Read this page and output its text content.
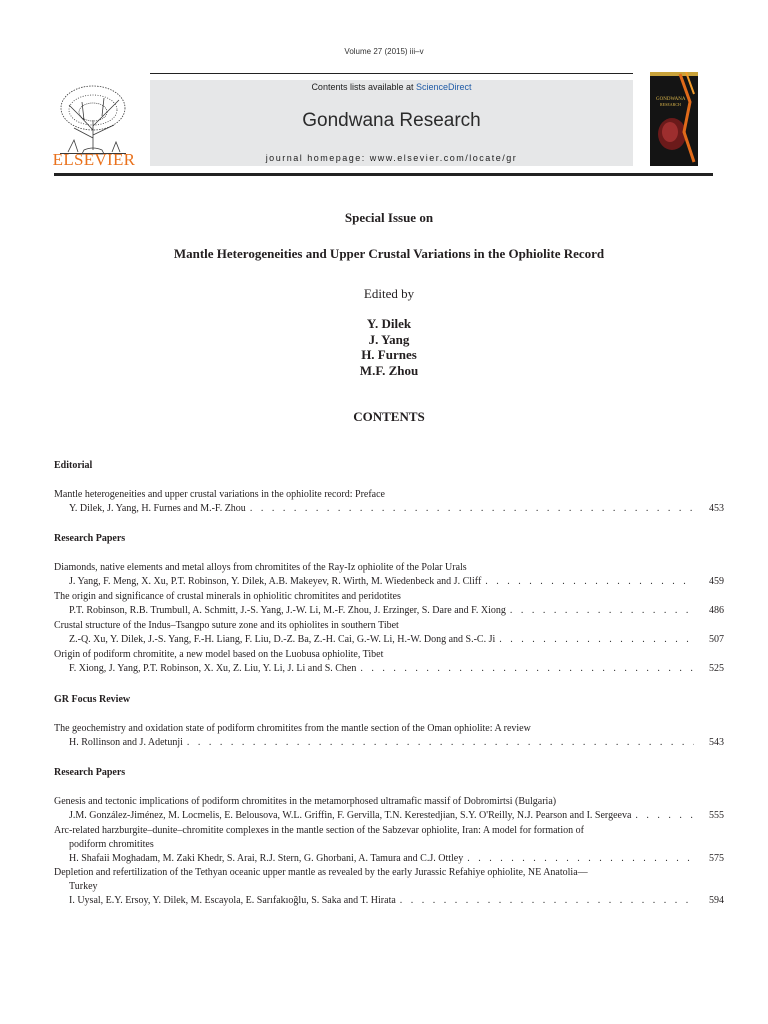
Volume 27 (2015) iii–v
ELSEVIER
Contents lists available at ScienceDirect
Gondwana Research
journal homepage: www.elsevier.com/locate/gr
GONDWANA
RESEARCH
Special Issue on
Mantle Heterogeneities and Upper Crustal Variations in the Ophiolite Record
Edited by
Y. Dilek
J. Yang
H. Furnes
M.F. Zhou
CONTENTS
Editorial
Mantle heterogeneities and upper crustal variations in the ophiolite record: Preface
Y. Dilek, J. Yang, H. Furnes and M.-F. Zhou . . .	453
Research Papers
Diamonds, native elements and metal alloys from chromitites of the Ray-Iz ophiolite of the Polar Urals
J. Yang, F. Meng, X. Xu, P.T. Robinson, Y. Dilek, A.B. Makeyev, R. Wirth, M. Wiedenbeck and J. Cliff . . .	459
The origin and significance of crustal minerals in ophiolitic chromitites and peridotites
P.T. Robinson, R.B. Trumbull, A. Schmitt, J.-S. Yang, J.-W. Li, M.-F. Zhou, J. Erzinger, S. Dare and F. Xiong . . .	486
Crustal structure of the Indus–Tsangpo suture zone and its ophiolites in southern Tibet
Z.-Q. Xu, Y. Dilek, J.-S. Yang, F.-H. Liang, F. Liu, D.-Z. Ba, Z.-H. Cai, G.-W. Li, H.-W. Dong and S.-C. Ji . . .	507
Origin of podiform chromitite, a new model based on the Luobusa ophiolite, Tibet
F. Xiong, J. Yang, P.T. Robinson, X. Xu, Z. Liu, Y. Li, J. Li and S. Chen . . .	525
GR Focus Review
The geochemistry and oxidation state of podiform chromitites from the mantle section of the Oman ophiolite: A review
H. Rollinson and J. Adetunji . . .	543
Research Papers
Genesis and tectonic implications of podiform chromitites in the metamorphosed ultramafic massif of Dobromirtsi (Bulgaria)
J.M. González-Jiménez, M. Locmelis, E. Belousova, W.L. Griffin, F. Gervilla, T.N. Kerestedjian, S.Y. O'Reilly, N.J. Pearson and I. Sergeeva . . .	555
Arc-related harzburgite–dunite–chromitite complexes in the mantle section of the Sabzevar ophiolite, Iran: A model for formation of
podiform chromitites
H. Shafaii Moghadam, M. Zaki Khedr, S. Arai, R.J. Stern, G. Ghorbani, A. Tamura and C.J. Ottley . . .	575
Depletion and refertilization of the Tethyan oceanic upper mantle as revealed by the early Jurassic Refahiye ophiolite, NE Anatolia—
Turkey
I. Uysal, E.Y. Ersoy, Y. Dilek, M. Escayola, E. Sarıfakıoğlu, S. Saka and T. Hirata . . .	594
